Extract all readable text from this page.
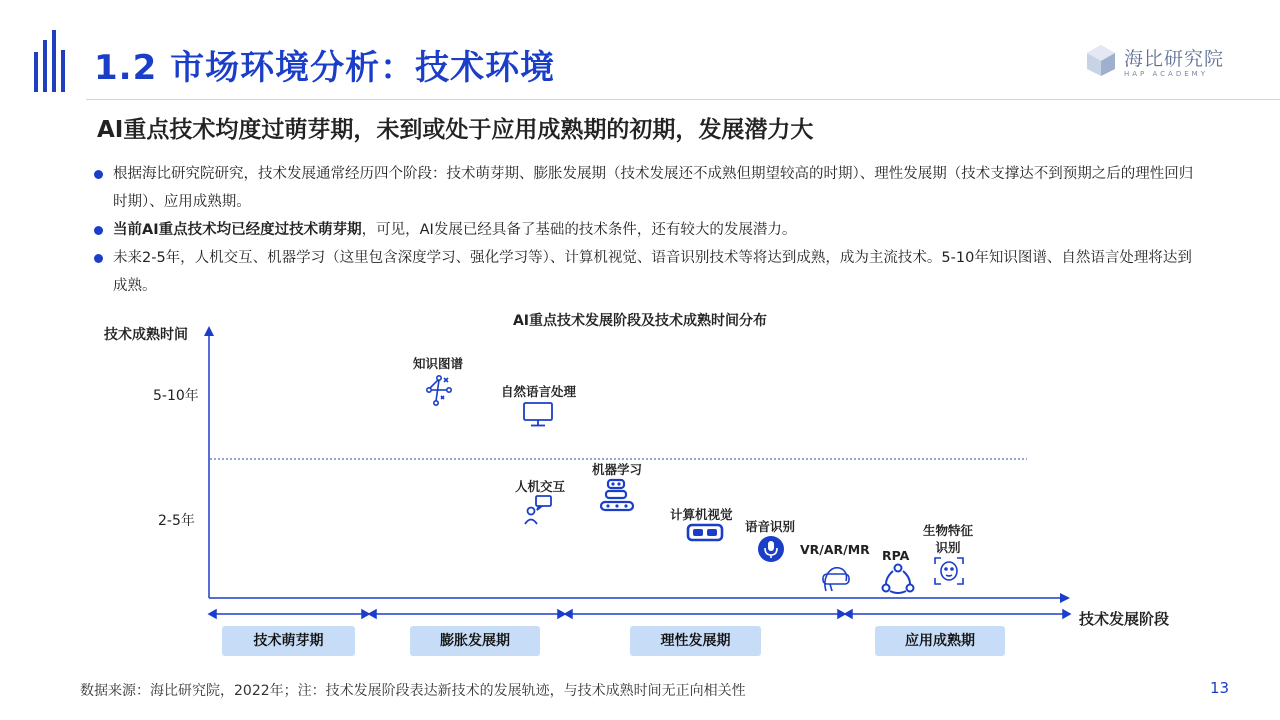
1.2 市场环境分析：技术环境	海比研究院
HAP ACADEMY
AI重点技术均度过萌芽期，未到或处于应用成熟期的初期，发展潜力大
根据海比研究院研究，技术发展通常经历四个阶段：技术萌芽期、膨胀发展期（技术发展还不成熟但期望较高的时期）、理性发展期（技术支撑达不到预期之后的理性回归时期）、应用成熟期。
当前AI重点技术均已经度过技术萌芽期，可见，AI发展已经具备了基础的技术条件，还有较大的发展潜力。
未来2-5年，人机交互、机器学习（这里包含深度学习、强化学习等）、计算机视觉、语音识别技术等将达到成熟，成为主流技术。5-10年知识图谱、自然语言处理将达到成熟。
AI重点技术发展阶段及技术成熟时间分布
技术成熟时间
5-10年
2-5年
技术发展阶段
技术萌芽期	膨胀发展期	理性发展期	应用成熟期
知识图谱
自然语言处理
人机交互
机器学习
计算机视觉
语音识别
VR/AR/MR RPA
生物特征识别
数据来源：海比研究院，2022年；注：技术发展阶段表达新技术的发展轨迹，与技术成熟时间无正向相关性	13
